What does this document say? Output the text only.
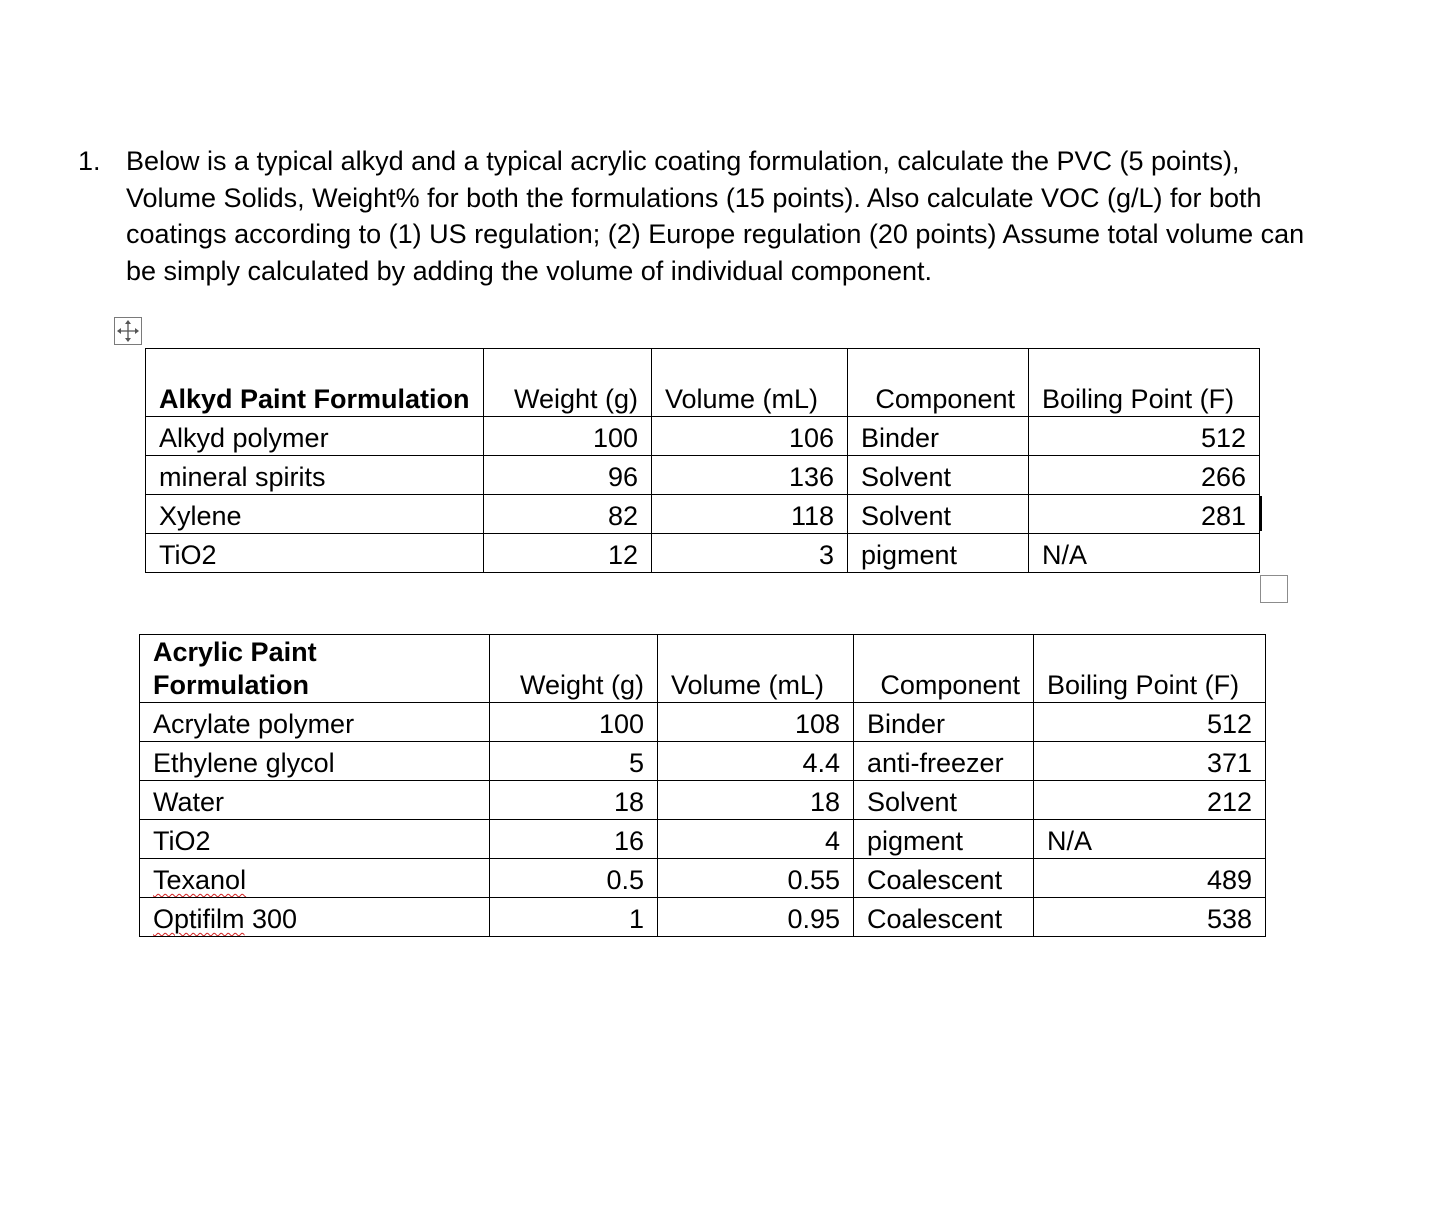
1. Below is a typical alkyd and a typical acrylic coating formulation, calculate the PVC (5 points), Volume Solids, Weight% for both the formulations (15 points). Also calculate VOC (g/L) for both coatings according to (1) US regulation; (2) Europe regulation (20 points) Assume total volume can be simply calculated by adding the volume of individual component.

Alkyd Paint Formulation	Weight (g)	Volume (mL)	Component	Boiling Point (F)
Alkyd polymer	100	106	Binder	512
mineral spirits	96	136	Solvent	266
Xylene	82	118	Solvent	281
TiO2	12	3	pigment	N/A
Acrylic Paint Formulation	Weight (g)	Volume (mL)	Component	Boiling Point (F)
Acrylate polymer	100	108	Binder	512
Ethylene glycol	5	4.4	anti-freezer	371
Water	18	18	Solvent	212
TiO2	16	4	pigment	N/A
Texanol	0.5	0.55	Coalescent	489
Optifilm 300	1	0.95	Coalescent	538
